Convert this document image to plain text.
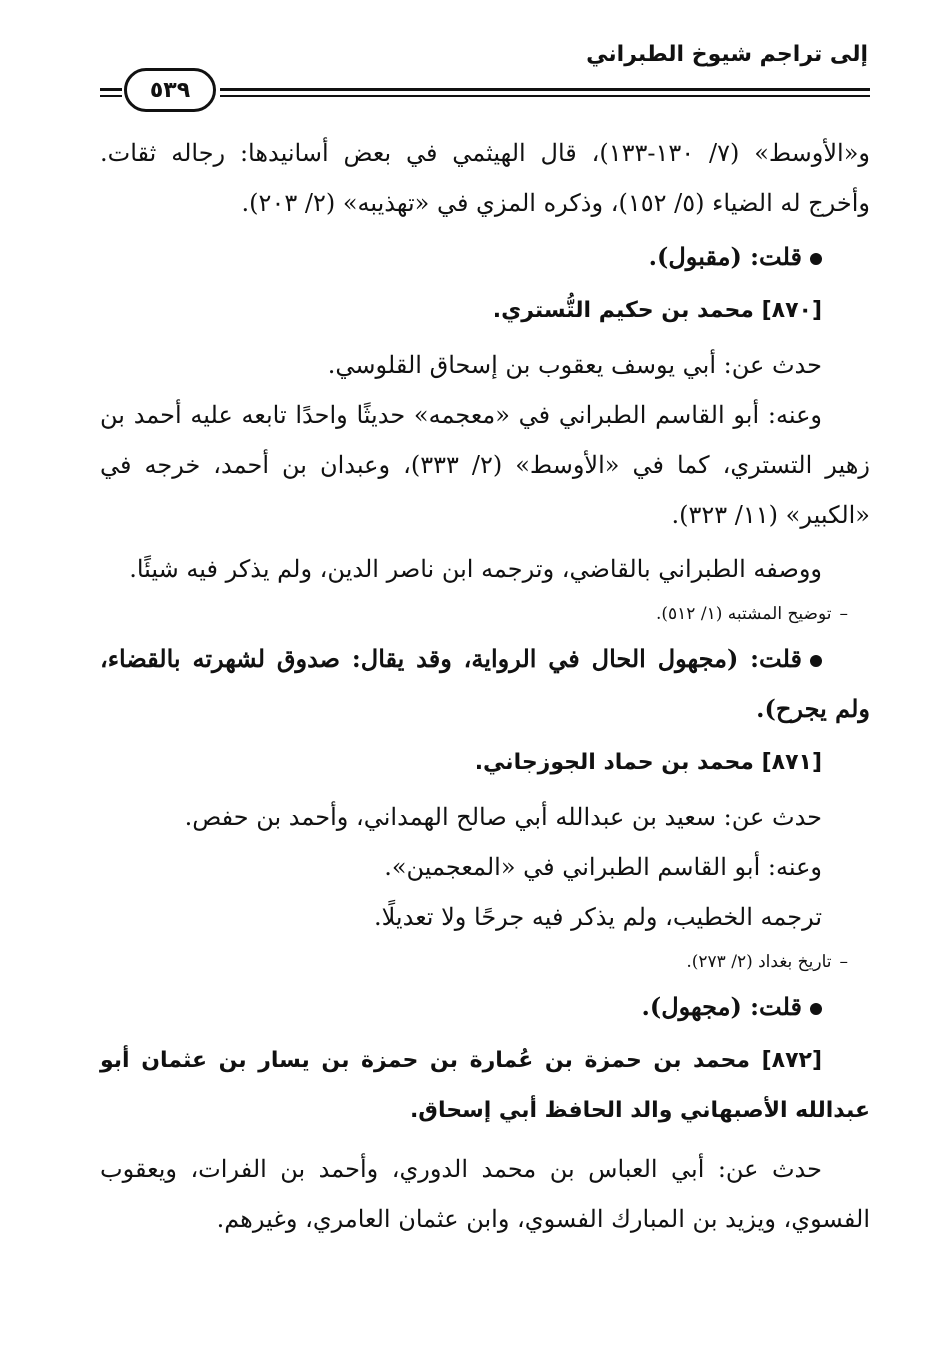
إلى تراجم شيوخ الطبراني
٥٣٩

و«الأوسط» (٧/ ١٣٠-١٣٣)، قال الهيثمي في بعض أسانيدها: رجاله ثقات. وأخرج له الضياء (٥/ ١٥٢)، وذكره المزي في «تهذيبه» (٢/ ٢٠٣).

قلت: (مقبول).

[٨٧٠] محمد بن حكيم التُّستري.

حدث عن: أبي يوسف يعقوب بن إسحاق القلوسي.

وعنه: أبو القاسم الطبراني في «معجمه» حديثًا واحدًا تابعه عليه أحمد بن زهير التستري، كما في «الأوسط» (٢/ ٣٣٣)، وعبدان بن أحمد، خرجه في «الكبير» (١١/ ٣٢٣).

ووصفه الطبراني بالقاضي، وترجمه ابن ناصر الدين، ولم يذكر فيه شيئًا.

–توضيح المشتبه (١/ ٥١٢).

قلت: (مجهول الحال في الرواية، وقد يقال: صدوق لشهرته بالقضاء، ولم يجرح).

[٨٧١] محمد بن حماد الجوزجاني.

حدث عن: سعيد بن عبدالله أبي صالح الهمداني، وأحمد بن حفص.

وعنه: أبو القاسم الطبراني في «المعجمين».

ترجمه الخطيب، ولم يذكر فيه جرحًا ولا تعديلًا.

–تاريخ بغداد (٢/ ٢٧٣).

قلت: (مجهول).

[٨٧٢] محمد بن حمزة بن عُمارة بن حمزة بن يسار بن عثمان أبو عبدالله الأصبهاني والد الحافظ أبي إسحاق.

حدث عن: أبي العباس بن محمد الدوري، وأحمد بن الفرات، ويعقوب الفسوي، ويزيد بن المبارك الفسوي، وابن عثمان العامري، وغيرهم.
